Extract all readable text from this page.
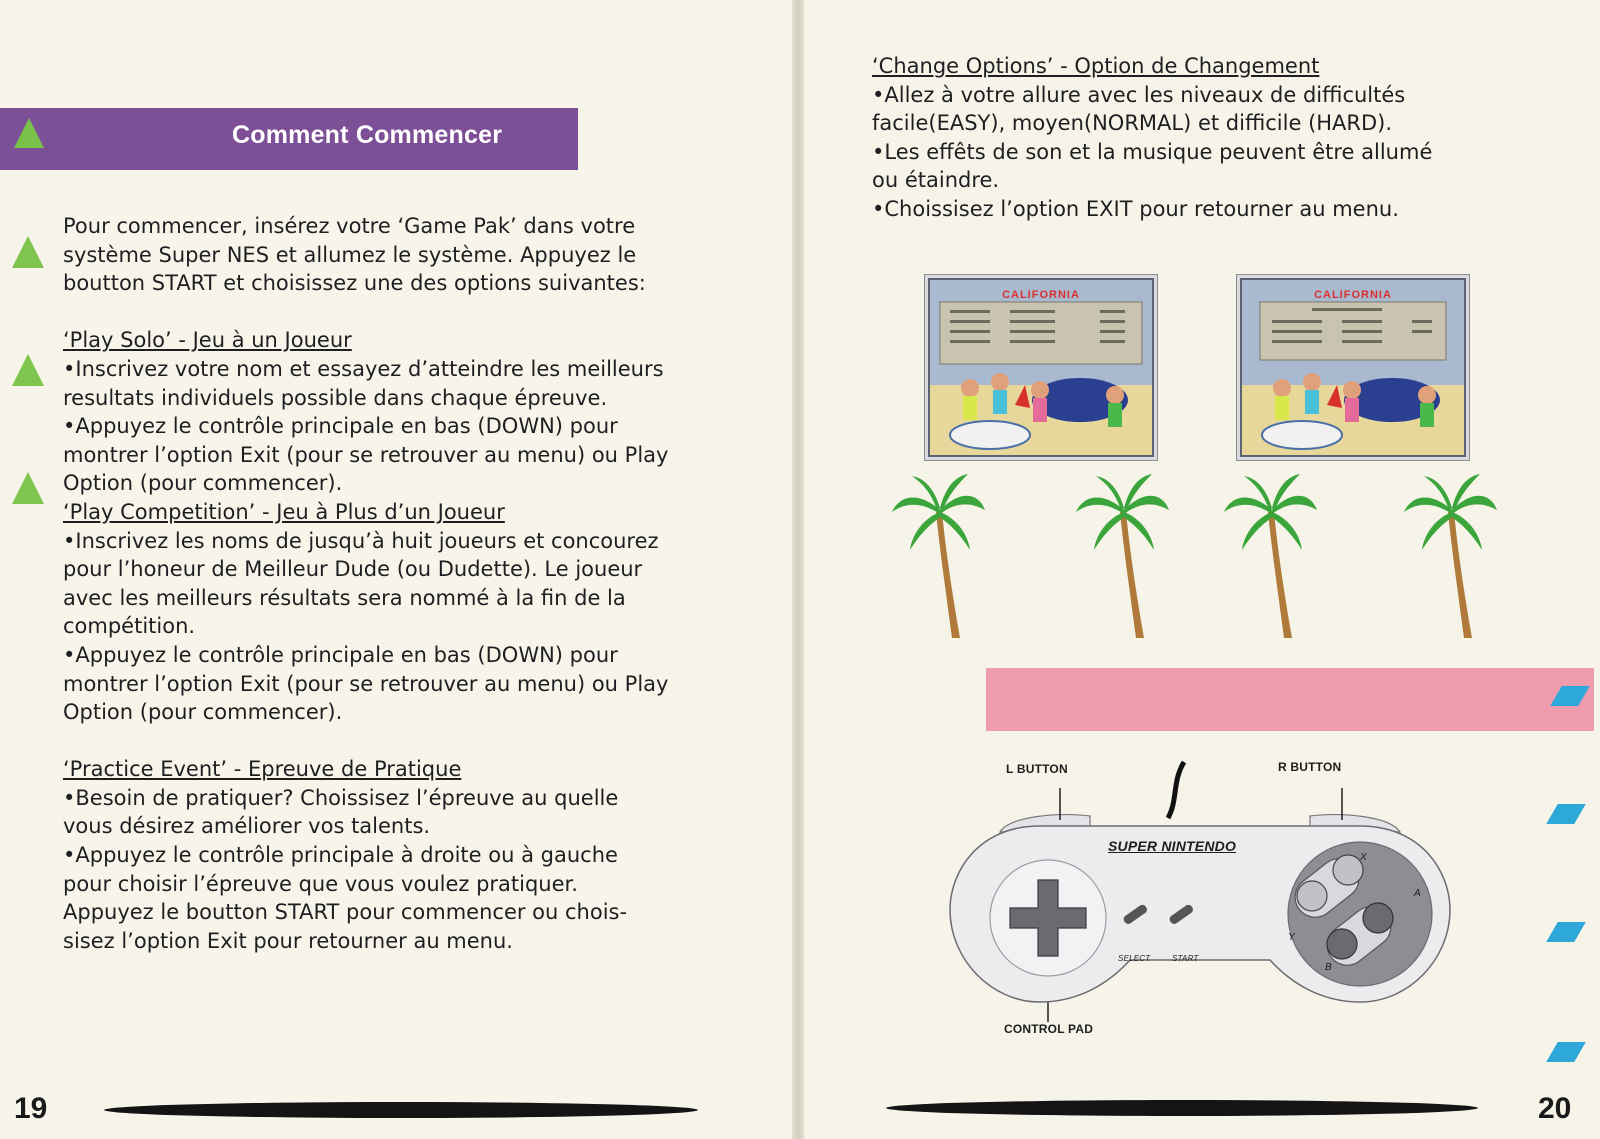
Comment Commencer

Pour commencer, insérez votre ‘Game Pak’ dans votre

système Super NES et allumez le système. Appuyez le

boutton START et choisissez une des options suivantes:

‘Play Solo’ - Jeu à un Joueur

•Inscrivez votre nom et essayez d’atteindre les meilleurs

resultats individuels possible dans chaque épreuve.

•Appuyez le contrôle principale en bas (DOWN) pour

montrer l’option Exit (pour se retrouver au menu) ou Play

Option (pour commencer).

‘Play Competition’ - Jeu à Plus d’un Joueur

•Inscrivez les noms de jusqu’à huit joueurs et concourez

pour l’honeur de Meilleur Dude (ou Dudette). Le joueur

avec les meilleurs résultats sera nommé à la fin de la

compétition.

•Appuyez le contrôle principale en bas (DOWN) pour

montrer l’option Exit (pour se retrouver au menu) ou Play

Option (pour commencer).

‘Practice Event’ - Epreuve de Pratique

•Besoin de pratiquer? Choissisez l’épreuve au quelle

vous désirez améliorer vos talents.

•Appuyez le contrôle principale à droite ou à gauche

pour choisir l’épreuve que vous voulez pratiquer.

Appuyez le boutton START pour commencer ou chois-

sisez l’option Exit pour retourner au menu.

19

‘Change Options’ - Option de Changement

•Allez à votre allure avec les niveaux de difficultés

facile(EASY), moyen(NORMAL) et difficile (HARD).

•Les effêts de son et la musique peuvent être allumé

ou étaindre.

•Choissisez l’option EXIT pour retourner au menu.

CALIFORNIA	CALIFORNIA
L BUTTON	R BUTTON
CONTROL PAD
SUPER NINTENDO
SELECT	START
X
Y
A
B
20
